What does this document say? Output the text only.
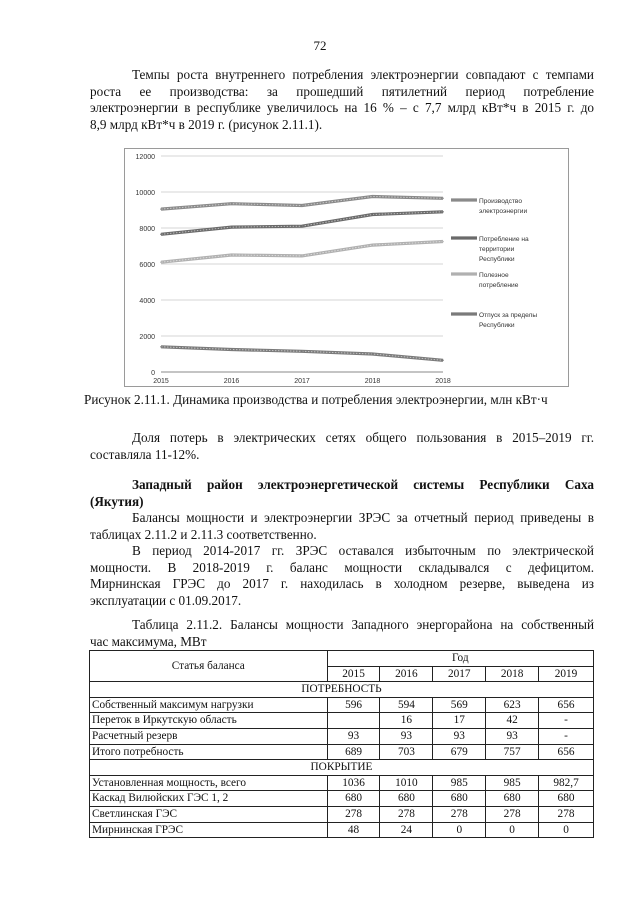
72

Темпы роста внутреннего потребления электроэнергии совпадают с темпами
роста ее производства: за прошедший пятилетний период потребление
электроэнергии в республике увеличилось на 16 % – с 7,7 млрд кВт*ч в 2015 г. до
8,9 млрд кВт*ч в 2019 г. (рисунок 2.11.1).

0
2000
4000
6000
8000
10000
12000
2015	2016	2017	2018	2018
Производство
электроэнергии
Потребление на
территории
Республики
Полезное
потребление
Отпуск за пределы
Республики
Рисунок 2.11.1. Динамика производства и потребления электроэнергии, млн кВт·ч

Доля потерь в электрических сетях общего пользования в 2015–2019 гг.
составляла 11-12%.

Западный район электроэнергетической системы Республики Саха
(Якутия)

Балансы мощности и электроэнергии ЗРЭС за отчетный период приведены в
таблицах 2.11.2 и 2.11.3 соответственно.

В период 2014-2017 гг. ЗРЭС оставался избыточным по электрической
мощности. В 2018-2019 г. баланс мощности складывался с дефицитом.
Мирнинская ГРЭС до 2017 г. находилась в холодном резерве, выведена из
эксплуатации с 01.09.2017.

Таблица 2.11.2. Балансы мощности Западного энергорайона на собственный
час максимума, МВт

Статья баланса	Год				
	2015	2016	2017	2018	2019
ПОТРЕБНОСТЬ					
Собственный максимум нагрузки	596	594	569	623	656
Переток в Иркутскую область		16	17	42	-
Расчетный резерв	93	93	93	93	-
Итого потребность	689	703	679	757	656
ПОКРЫТИЕ					
Установленная мощность, всего	1036	1010	985	985	982,7
Каскад Вилюйских ГЭС 1, 2	680	680	680	680	680
Светлинская ГЭС	278	278	278	278	278
Мирнинская ГРЭС	48	24	0	0	0
